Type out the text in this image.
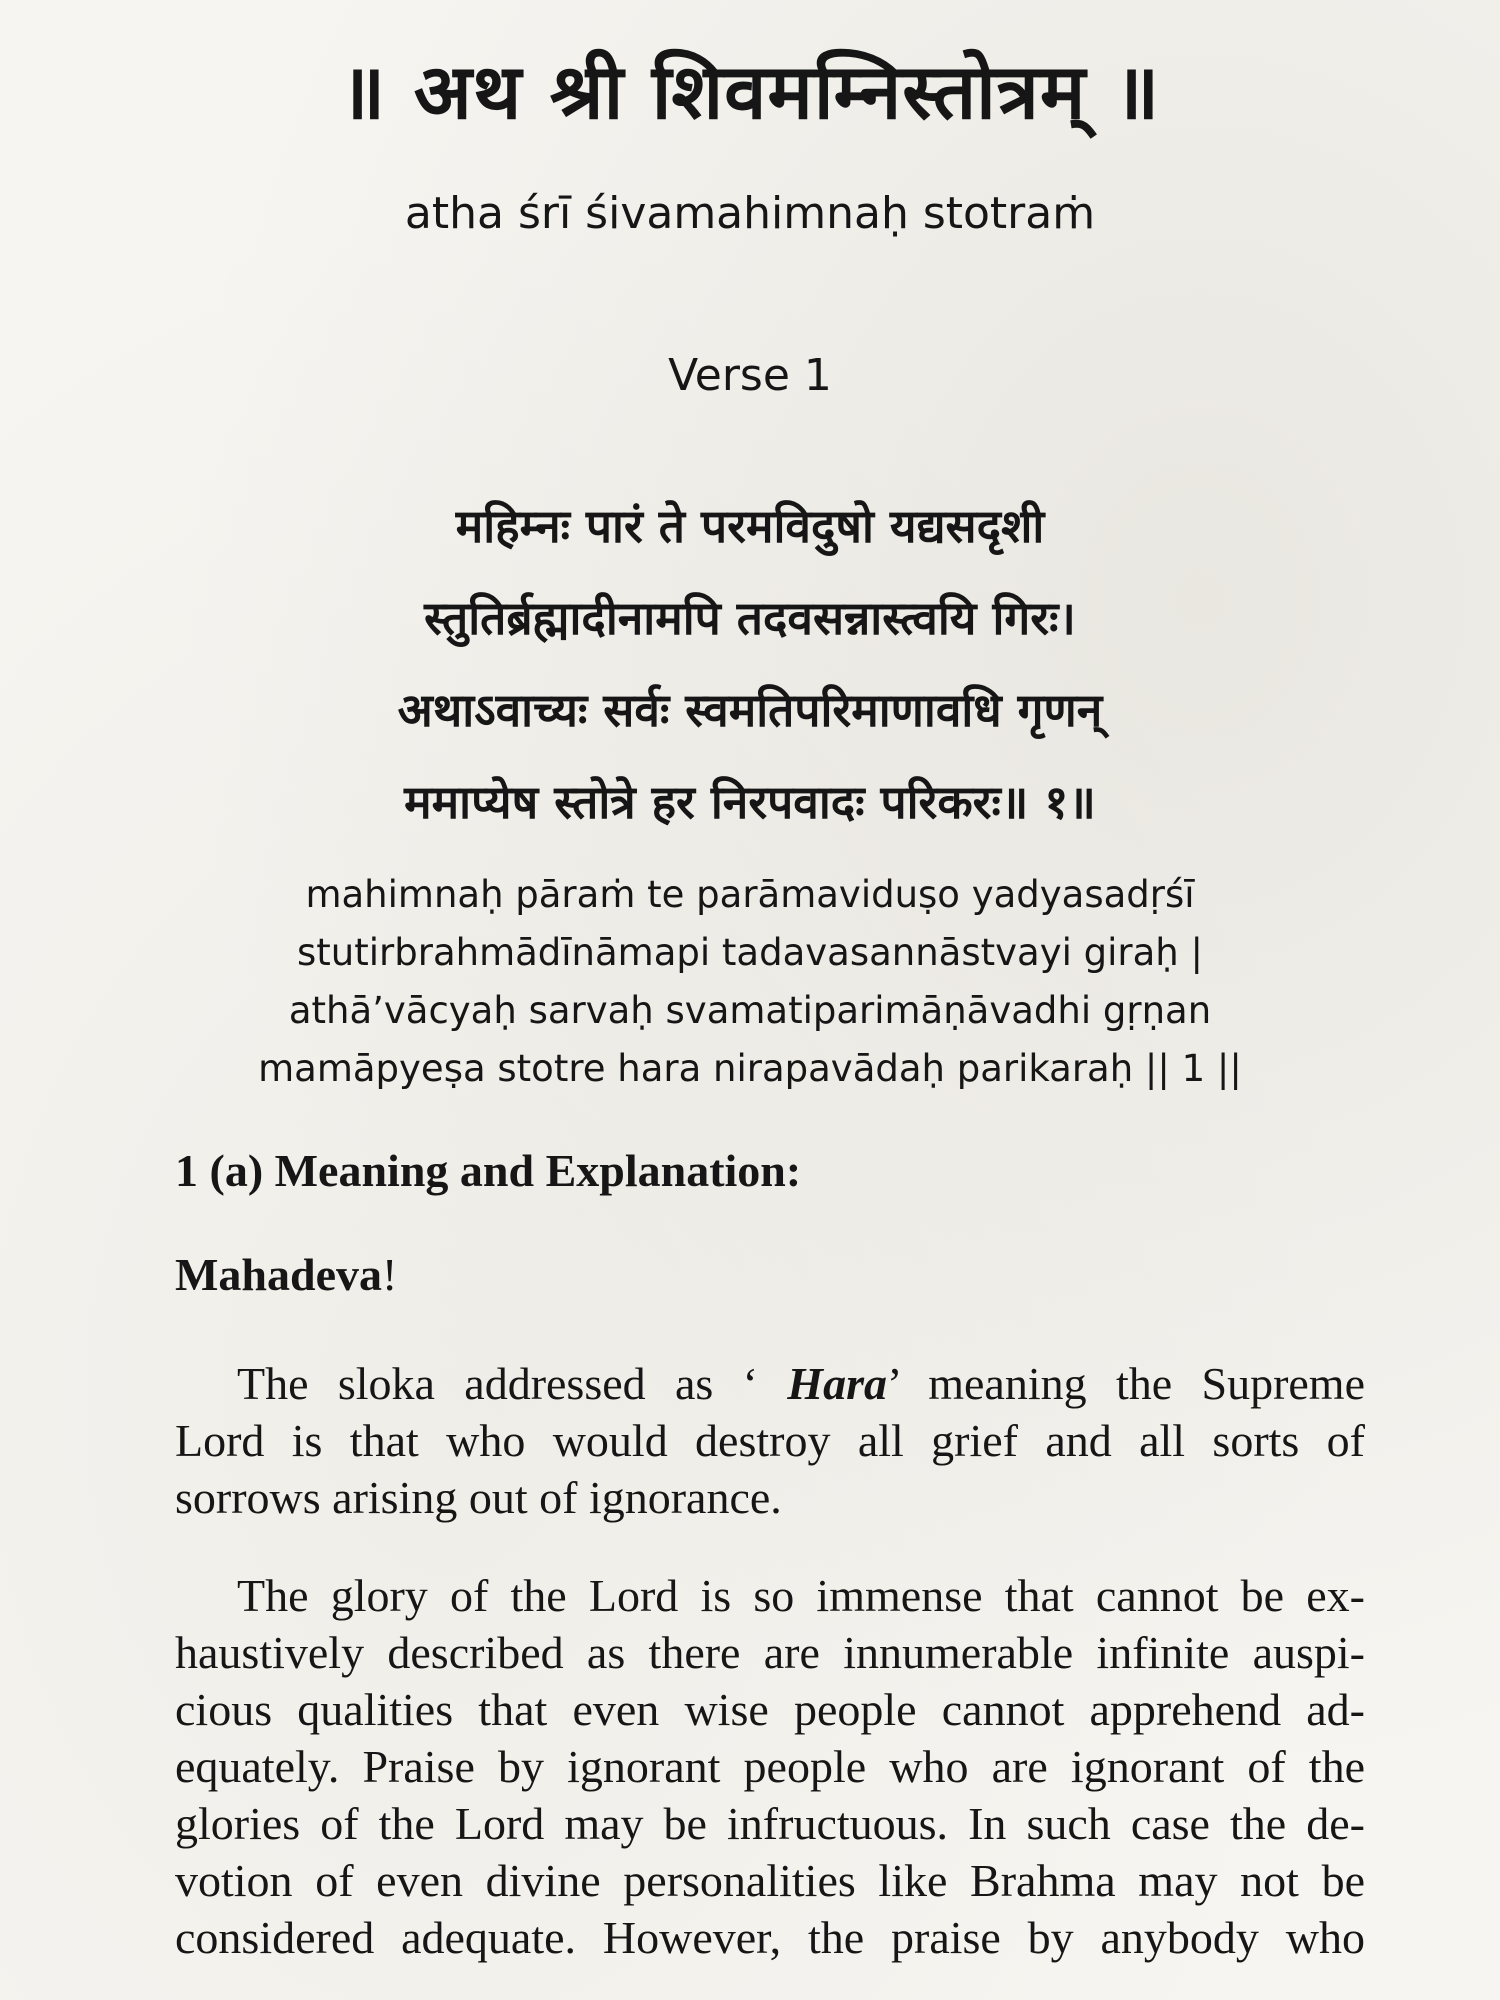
॥ अथ श्री शिवमम्निस्तोत्रम् ॥
atha śrī śivamahimnaḥ stotraṁ
Verse 1
महिम्नः पारं ते परमविदुषो यद्यसदृशी
स्तुतिर्ब्रह्मादीनामपि तदवसन्नास्त्वयि गिरः।
अथाऽवाच्यः सर्वः स्वमतिपरिमाणावधि गृणन्
ममाप्येष स्तोत्रे हर निरपवादः परिकरः॥ १॥
mahimnaḥ pāraṁ te parāmaviduṣo yadyasadṛśī
stutirbrahmādīnāmapi tadavasannāstvayi giraḥ |
athā’vācyaḥ sarvaḥ svamatiparimāṇāvadhi gṛṇan
mamāpyeṣa stotre hara nirapavādaḥ parikaraḥ || 1 ||
1 (a) Meaning and Explanation:
Mahadeva!
The sloka addressed as ‘ Hara’ meaning the Supreme
Lord is that who would destroy all grief and all sorts of
sorrows arising out of ignorance.
The glory of the Lord is so immense that cannot be ex-
haustively described as there are innumerable infinite auspi-
cious qualities that even wise people cannot apprehend ad-
equately. Praise by ignorant people who are ignorant of the
glories of the Lord may be infructuous. In such case the de-
votion of even divine personalities like Brahma may not be
considered adequate. However, the praise by anybody who
